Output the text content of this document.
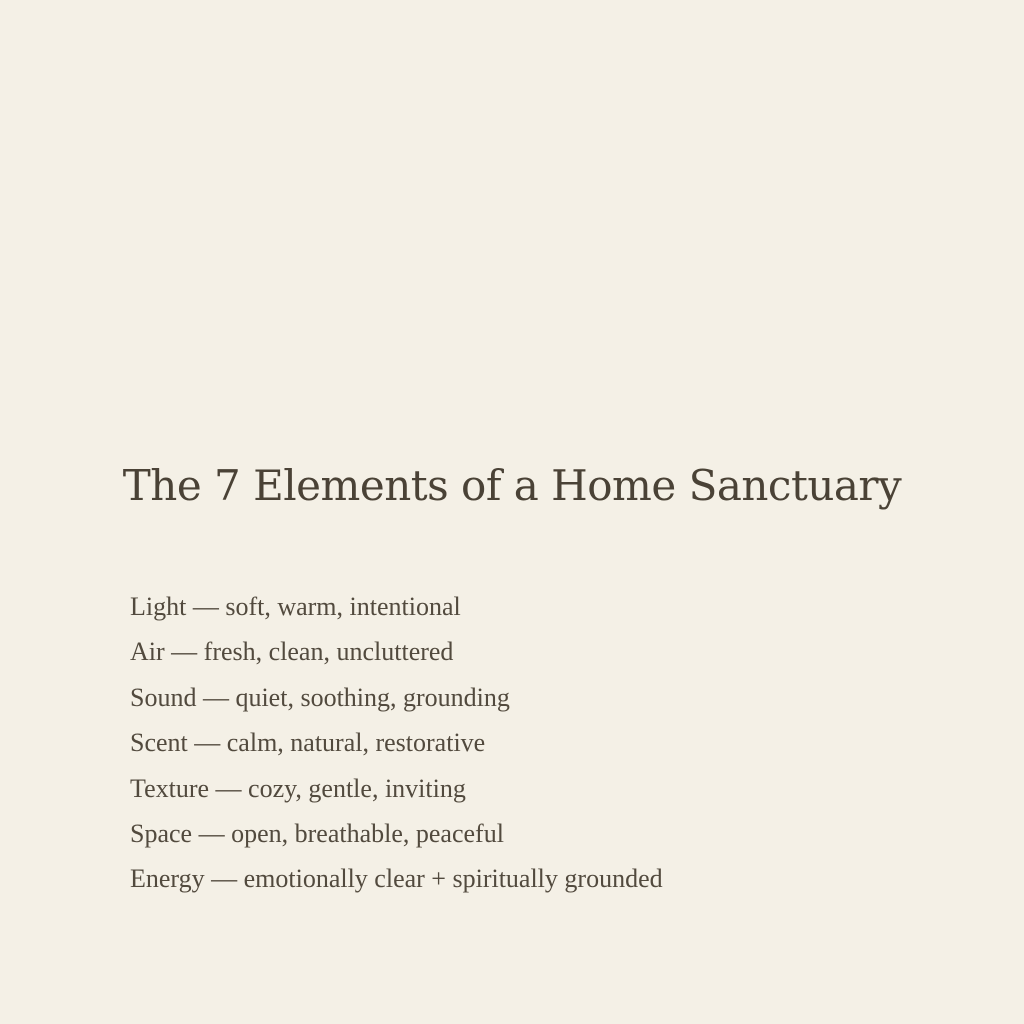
The 7 Elements of a Home Sanctuary
Light — soft, warm, intentional
Air — fresh, clean, uncluttered
Sound — quiet, soothing, grounding
Scent — calm, natural, restorative
Texture — cozy, gentle, inviting
Space — open, breathable, peaceful
Energy — emotionally clear + spiritually grounded
